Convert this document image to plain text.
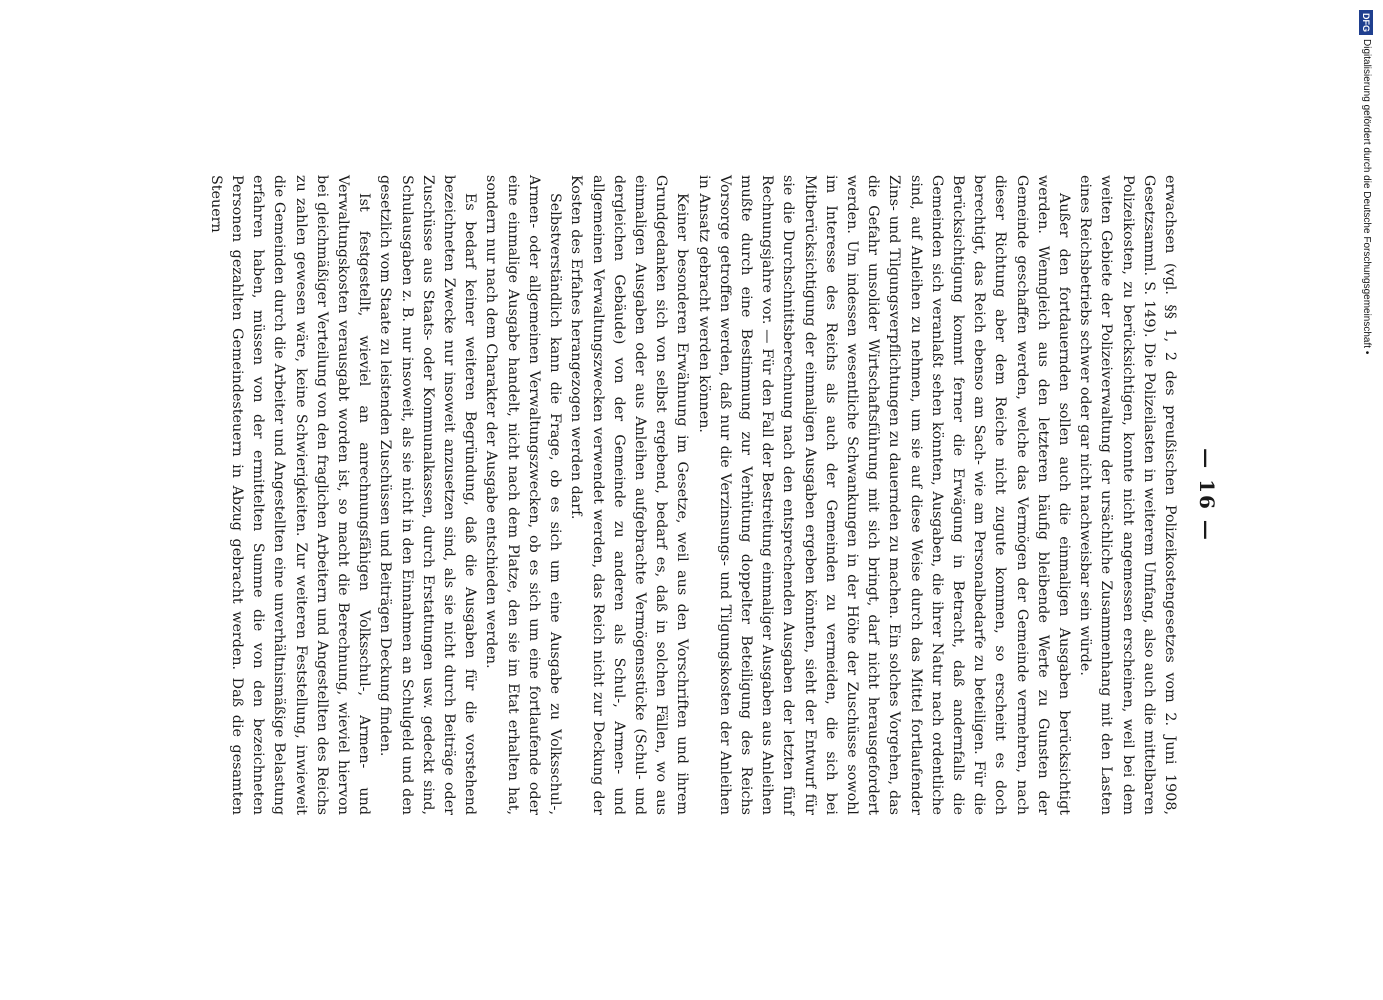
— 16 —

erwachsen (vgl. §§ 1, 2 des preußischen Polizeikostengesetzes vom 2. Juni 1908, Gesetzsamml. S. 149). Die Polizeilasten in weiterem Umfang, also auch die mittelbaren Polizeikosten, zu berücksichtigen, konnte nicht angemessen erscheinen, weil bei dem weiten Gebiete der Polizeiverwaltung der ursächliche Zusammenhang mit den Lasten eines Reichsbetriebs schwer oder gar nicht nachweisbar sein würde.

Außer den fortdauernden sollen auch die einmaligen Ausgaben berücksichtigt werden. Wenngleich aus den letzteren häufig bleibende Werte zu Gunsten der Gemeinde geschaffen werden, welche das Vermögen der Gemeinde vermehren, nach dieser Richtung aber dem Reiche nicht zugute kommen, so erscheint es doch berechtigt, das Reich ebenso am Sach- wie am Personalbedarfe zu beteiligen. Für die Berücksichtigung kommt ferner die Erwägung in Betracht, daß andernfalls die Gemeinden sich veranlaßt sehen könnten, Ausgaben, die ihrer Natur nach ordentliche sind, auf Anleihen zu nehmen, um sie auf diese Weise durch das Mittel fortlaufender Zins- und Tilgungsverpflichtungen zu dauernden zu machen. Ein solches Vorgehen, das die Gefahr unsolider Wirtschaftsführung mit sich bringt, darf nicht herausgefordert werden. Um indessen wesentliche Schwankungen in der Höhe der Zuschüsse sowohl im Interesse des Reichs als auch der Gemeinden zu vermeiden, die sich bei Mitberücksichtigung der einmaligen Ausgaben ergeben könnten, sieht der Entwurf für sie die Durchschnittsberechnung nach den entsprechenden Ausgaben der letzten fünf Rechnungsjahre vor. — Für den Fall der Bestreitung einmaliger Ausgaben aus Anleihen mußte durch eine Bestimmung zur Verhütung doppelter Beteiligung des Reichs Vorsorge getroffen werden, daß nur die Verzinsungs- und Tilgungskosten der Anleihen in Ansatz gebracht werden können.

Keiner besonderen Erwähnung im Gesetze, weil aus den Vorschriften und ihrem Grundgedanken sich von selbst ergebend, bedarf es, daß in solchen Fällen, wo aus einmaligen Ausgaben oder aus Anleihen aufgebrachte Vermögensstücke (Schul- und dergleichen Gebäude) von der Gemeinde zu anderen als Schul-, Armen- und allgemeinen Verwaltungszwecken verwendet werden, das Reich nicht zur Deckung der Kosten des Erfahes herangezogen werden darf.

Selbstverständlich kann die Frage, ob es sich um eine Ausgabe zu Volksschul-, Armen- oder allgemeinen Verwaltungszwecken, ob es sich um eine fortlaufende oder eine einmalige Ausgabe handelt, nicht nach dem Platze, den sie im Etat erhalten hat, sondern nur nach dem Charakter der Ausgabe entschieden werden.

Es bedarf keiner weiteren Begründung, daß die Ausgaben für die vorstehend bezeichneten Zwecke nur insoweit anzusetzen sind, als sie nicht durch Beiträge oder Zuschüsse aus Staats- oder Kommunalkassen, durch Erstattungen usw. gedeckt sind, Schulausgaben z. B. nur insoweit, als sie nicht in den Einnahmen an Schulgeld und den gesetzlich vom Staate zu leistenden Zuschüssen und Beiträgen Deckung finden.

Ist festgestellt, wieviel an anrechnungsfähigen Volksschul-, Armen- und Verwaltungskosten verausgabt worden ist, so macht die Berechnung, wieviel hiervon bei gleichmäßiger Verteilung von den fraglichen Arbeitern und Angestellten des Reichs zu zahlen gewesen wäre, keine Schwierigkeiten. Zur weiteren Feststellung, inwieweit die Gemeinden durch die Arbeiter und Angestellten eine unverhältnismäßige Belastung erfahren haben, müssen von der ermittelten Summe die von den bezeichneten Personen gezahlten Gemeindesteuern in Abzug gebracht werden. Daß die gesamten Steuern

DFG
Digitalisierung gefördert durch die Deutsche Forschungsgemeinschaft •
